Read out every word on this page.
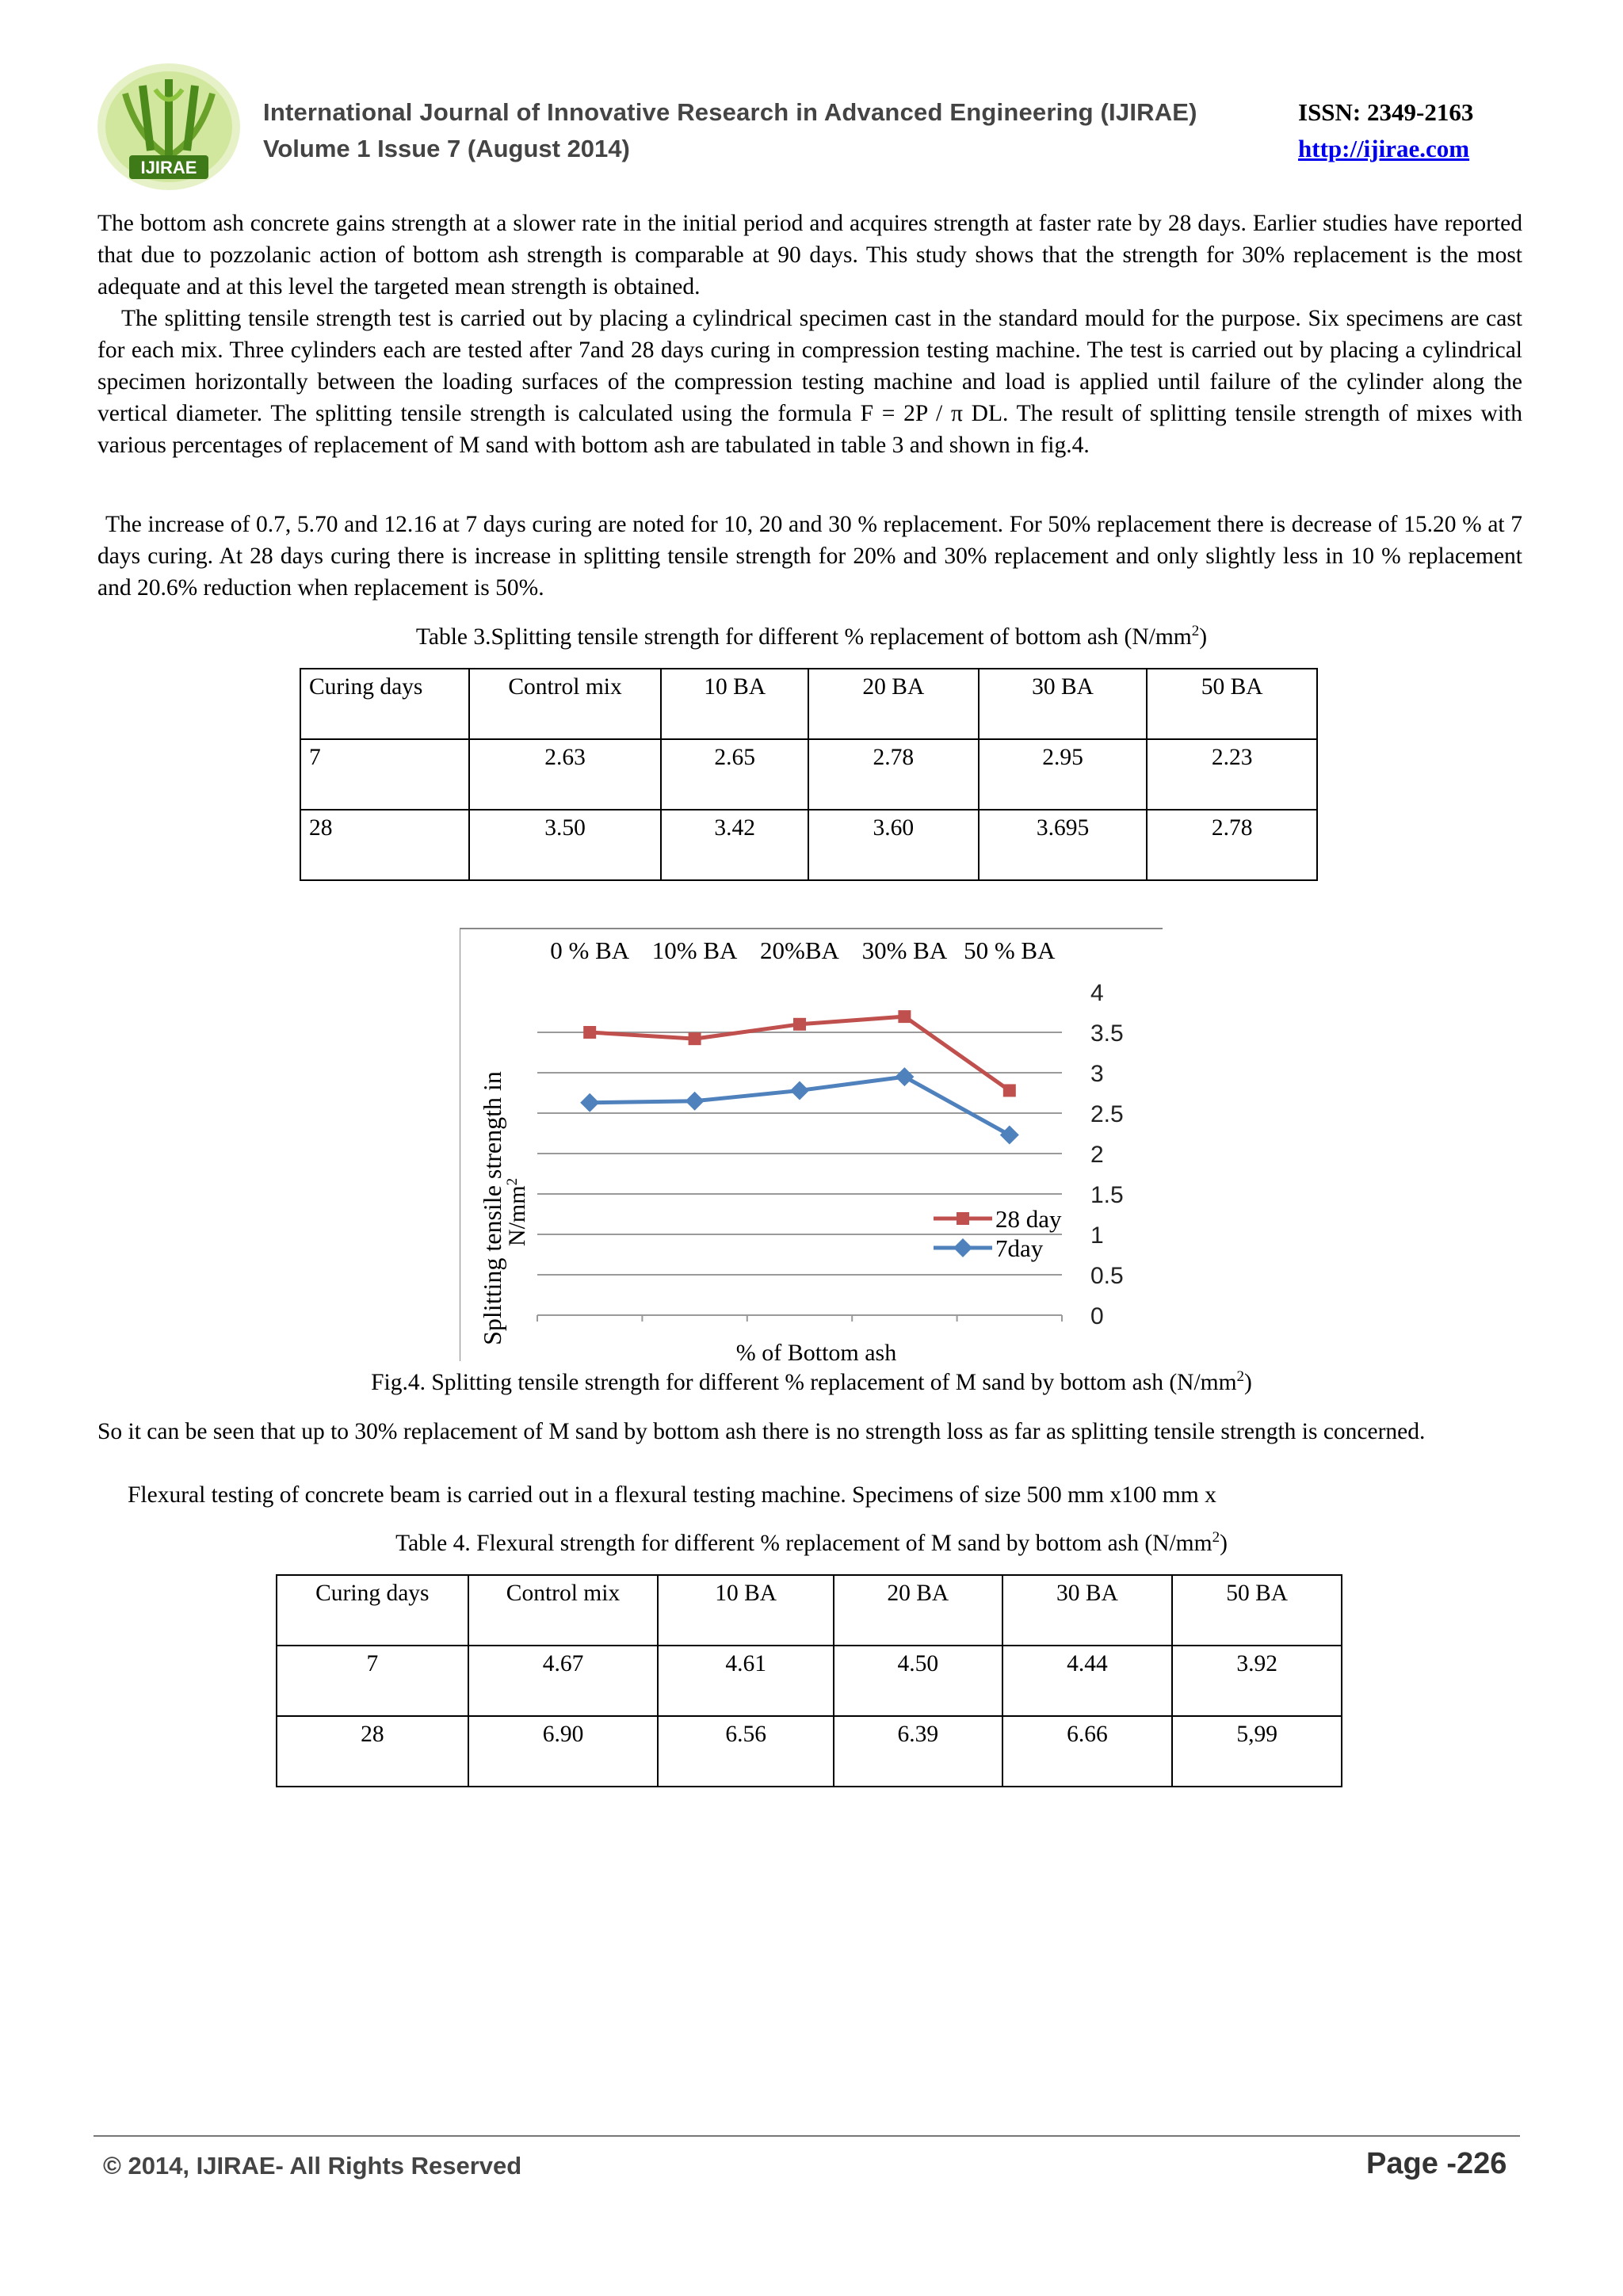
IJIRAE
International Journal of Innovative Research in Advanced Engineering (IJIRAE)
Volume 1 Issue 7 (August 2014)
ISSN: 2349-2163
http://ijirae.com
The bottom ash concrete gains strength at a slower rate in the initial period and acquires strength at faster rate by 28 days. Earlier studies have reported that due to pozzolanic action of bottom ash strength is comparable at 90 days. This study shows that the strength for 30% replacement is the most adequate and at this level the targeted mean strength is obtained.
The splitting tensile strength test is carried out by placing a cylindrical specimen cast in the standard mould for the purpose. Six specimens are cast for each mix. Three cylinders each are tested after 7and 28 days curing in compression testing machine. The test is carried out by placing a cylindrical specimen horizontally between the loading surfaces of the compression testing machine and load is applied until failure of the cylinder along the vertical diameter. The splitting tensile strength is calculated using the formula F = 2P / π DL. The result of splitting tensile strength of mixes with various percentages of replacement of M sand with bottom ash are tabulated in table 3 and shown in fig.4.
The increase of 0.7, 5.70 and 12.16 at 7 days curing are noted for 10, 20 and 30 % replacement. For 50% replacement there is decrease of 15.20 % at 7 days curing. At 28 days curing there is increase in splitting tensile strength for 20% and 30% replacement and only slightly less in 10 % replacement and 20.6% reduction when replacement is 50%.
Table 3.Splitting tensile strength for different % replacement of bottom ash $(N/mm^2)$
Curing days	Control mix	10 BA	20 BA	30 BA	50 BA
7	2.63	2.65	2.78	2.95	2.23
28	3.50	3.42	3.60	3.695	2.78
Splitting tensile strength in
$N/mm^2$
% of Bottom ash
0
0.5
1
1.5
2
2.5
3
3.5
4
0 % BA 10% BA 20%BA 30% BA 50 % BA
28 day
7day
Fig.4. Splitting tensile strength for different % replacement of M sand by bottom ash $(N/mm^2)$
So it can be seen that up to 30% replacement of M sand by bottom ash there is no strength loss as far as splitting tensile strength is concerned.
Flexural testing of concrete beam is carried out in a flexural testing machine. Specimens of size 500 mm x100 mm x
Table 4. Flexural strength for different % replacement of M sand by bottom ash $(N/mm^2)$
Curing days	Control mix	10 BA	20 BA	30 BA	50 BA
7	4.67	4.61	4.50	4.44	3.92
28	6.90	6.56	6.39	6.66	5,99
© 2014, IJIRAE- All Rights Reserved	Page -226
